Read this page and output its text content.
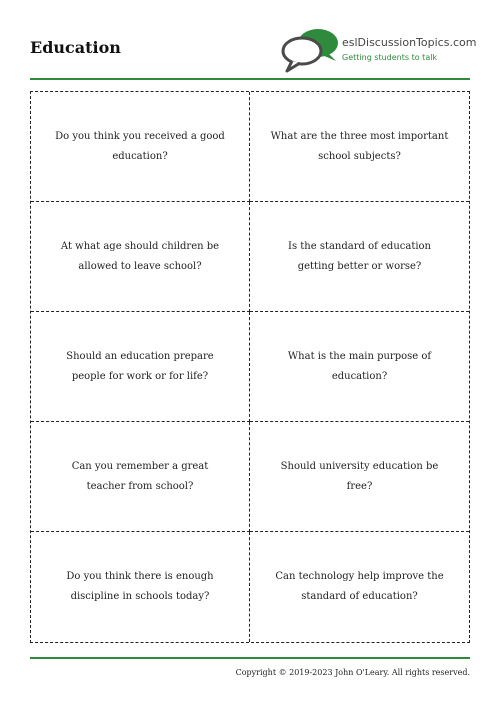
Education	eslDiscussionTopics.com
Getting students to talk
Do you think you received a good education?
What are the three most important school subjects?
At what age should children be allowed to leave school?
Is the standard of education getting better or worse?
Should an education prepare people for work or for life?
What is the main purpose of education?
Can you remember a great teacher from school?
Should university education be free?
Do you think there is enough discipline in schools today?
Can technology help improve the standard of education?
Copyright © 2019-2023 John O'Leary. All rights reserved.
